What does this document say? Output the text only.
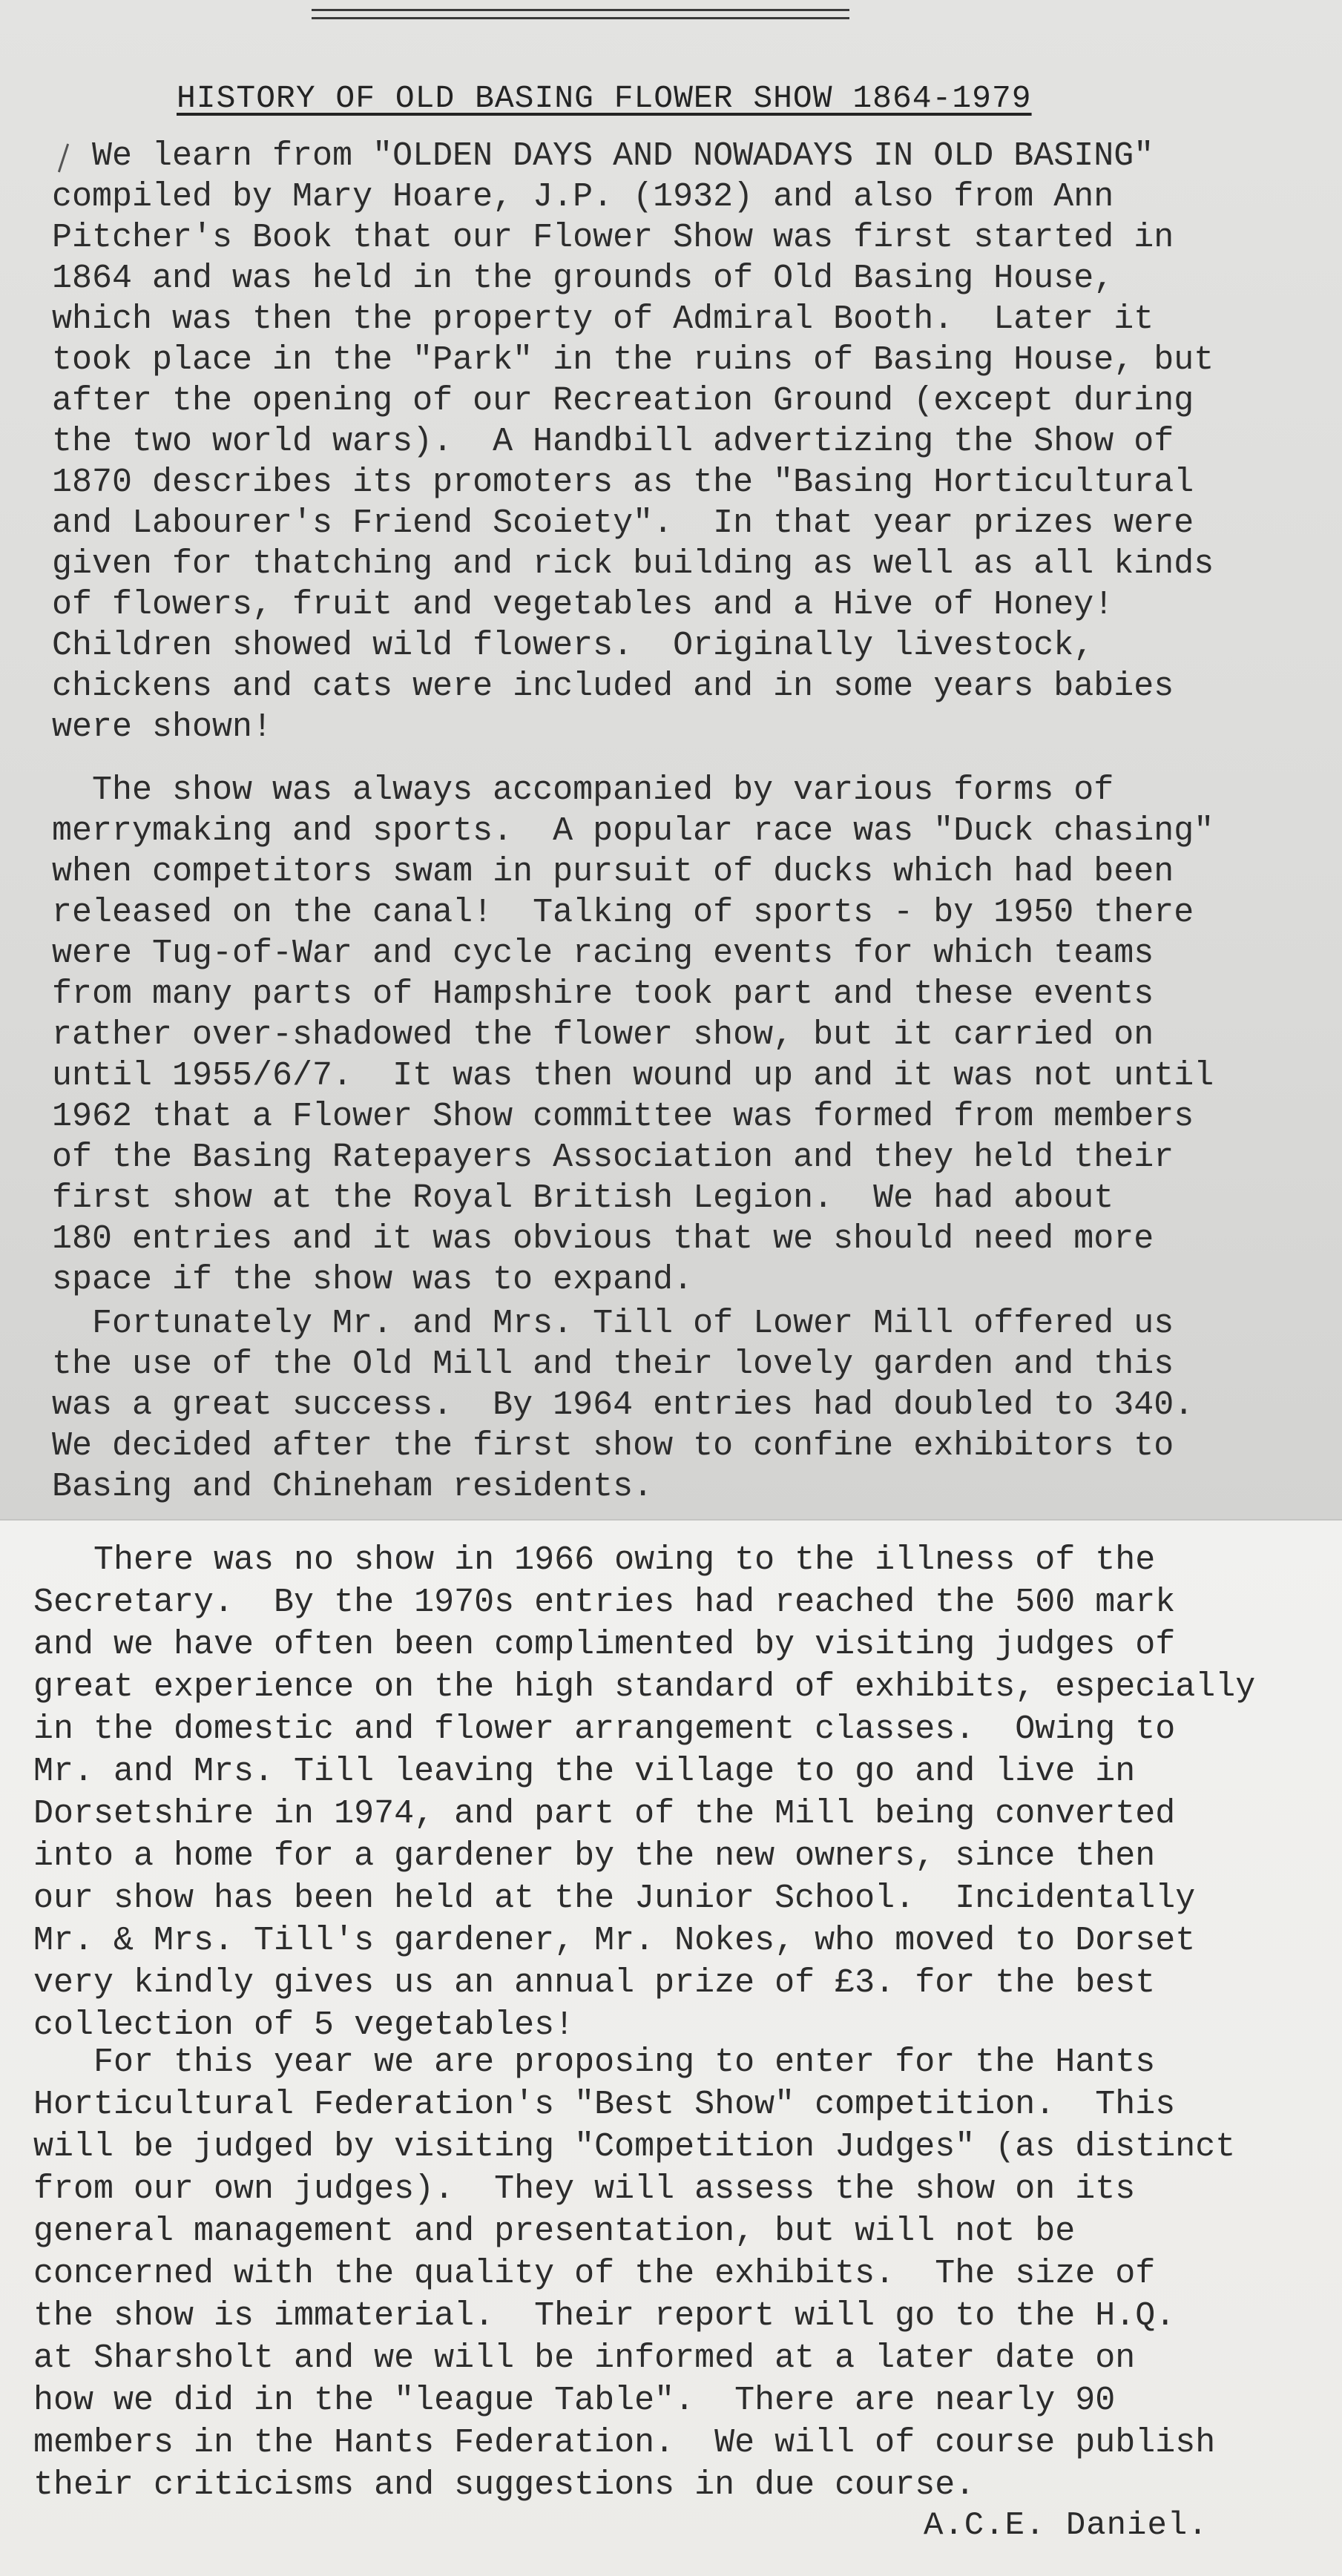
HISTORY OF OLD BASING FLOWER SHOW 1864-1979

We learn from "OLDEN DAYS AND NOWADAYS IN OLD BASING"
compiled by Mary Hoare, J.P. (1932) and also from Ann
Pitcher's Book that our Flower Show was first started in
1864 and was held in the grounds of Old Basing House,
which was then the property of Admiral Booth.  Later it
took place in the "Park" in the ruins of Basing House, but
after the opening of our Recreation Ground (except during
the two world wars).  A Handbill advertizing the Show of
1870 describes its promoters as the "Basing Horticultural
and Labourer's Friend Scoiety".  In that year prizes were
given for thatching and rick building as well as all kinds
of flowers, fruit and vegetables and a Hive of Honey!
Children showed wild flowers.  Originally livestock,
chickens and cats were included and in some years babies
were shown!

The show was always accompanied by various forms of
merrymaking and sports.  A popular race was "Duck chasing"
when competitors swam in pursuit of ducks which had been
released on the canal!  Talking of sports - by 1950 there
were Tug-of-War and cycle racing events for which teams
from many parts of Hampshire took part and these events
rather over-shadowed the flower show, but it carried on
until 1955/6/7.  It was then wound up and it was not until
1962 that a Flower Show committee was formed from members
of the Basing Ratepayers Association and they held their
first show at the Royal British Legion.  We had about
180 entries and it was obvious that we should need more
space if the show was to expand.

Fortunately Mr. and Mrs. Till of Lower Mill offered us
the use of the Old Mill and their lovely garden and this
was a great success.  By 1964 entries had doubled to 340.
We decided after the first show to confine exhibitors to
Basing and Chineham residents.

There was no show in 1966 owing to the illness of the
Secretary.  By the 1970s entries had reached the 500 mark
and we have often been complimented by visiting judges of
great experience on the high standard of exhibits, especially
in the domestic and flower arrangement classes.  Owing to
Mr. and Mrs. Till leaving the village to go and live in
Dorsetshire in 1974, and part of the Mill being converted
into a home for a gardener by the new owners, since then
our show has been held at the Junior School.  Incidentally
Mr. & Mrs. Till's gardener, Mr. Nokes, who moved to Dorset
very kindly gives us an annual prize of £3. for the best
collection of 5 vegetables!

For this year we are proposing to enter for the Hants
Horticultural Federation's "Best Show" competition.  This
will be judged by visiting "Competition Judges" (as distinct
from our own judges).  They will assess the show on its
general management and presentation, but will not be
concerned with the quality of the exhibits.  The size of
the show is immaterial.  Their report will go to the H.Q.
at Sharsholt and we will be informed at a later date on
how we did in the "league Table".  There are nearly 90
members in the Hants Federation.  We will of course publish
their criticisms and suggestions in due course.

A.C.E. Daniel.
